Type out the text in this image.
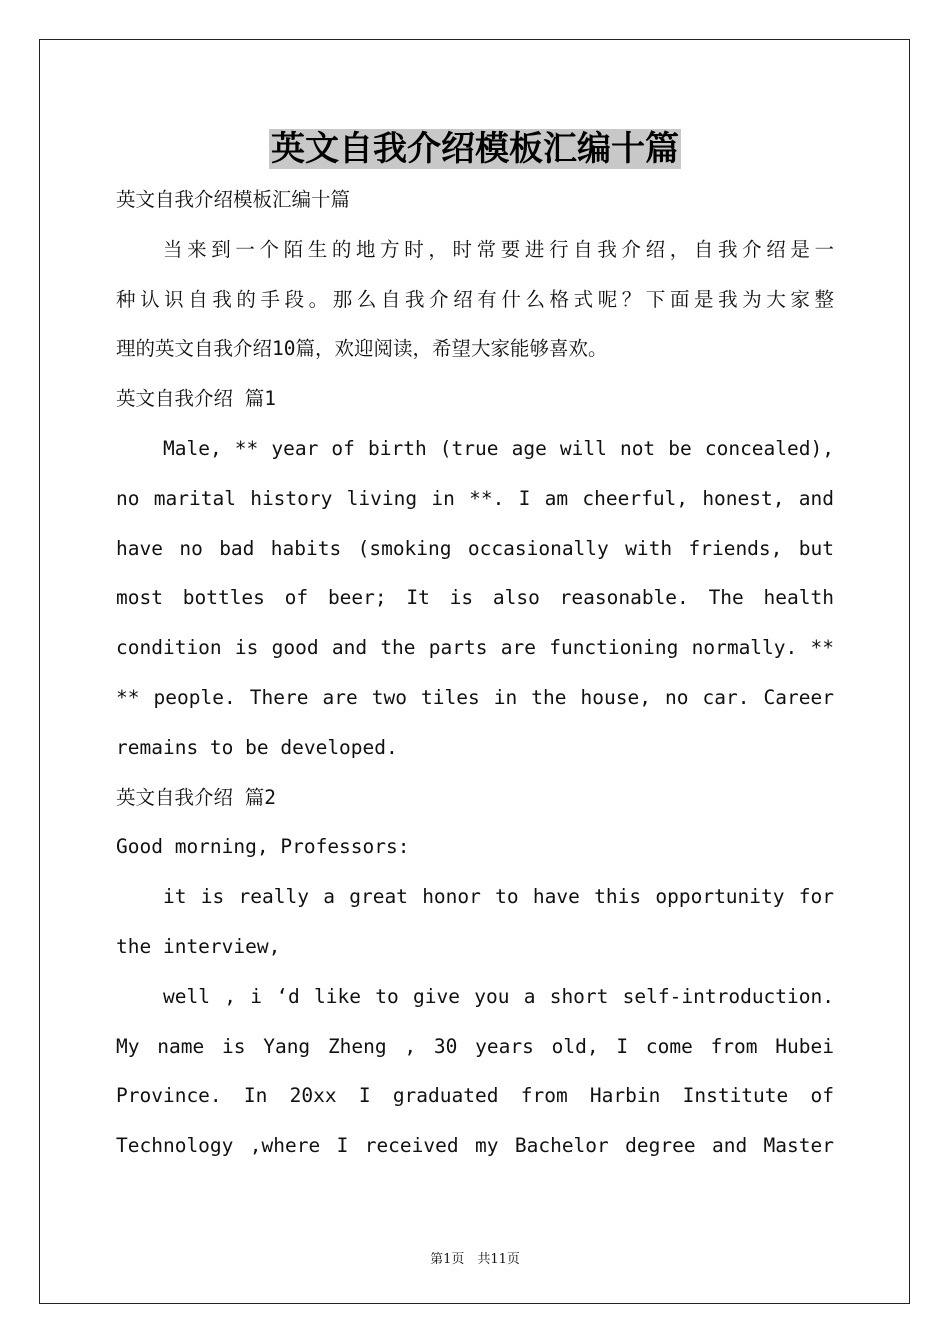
英文自我介绍模板汇编十篇
英文自我介绍模板汇编十篇
当来到一个陌生的地方时，时常要进行自我介绍，自我介绍是一
种认识自我的手段。那么自我介绍有什么格式呢？下面是我为大家整
理的英文自我介绍10篇，欢迎阅读，希望大家能够喜欢。
英文自我介绍 篇1
Male, ** year of birth (true age will not be concealed),
no marital history living in **. I am cheerful, honest, and
have no bad habits (smoking occasionally with friends, but
most bottles of beer; It is also reasonable. The health
condition is good and the parts are functioning normally. **
** people. There are two tiles in the house, no car. Career
remains to be developed.
英文自我介绍 篇2
Good morning, Professors:
it is really a great honor to have this opportunity for
the interview,
well , i ‘d like to give you a short self-introduction.
My name is Yang Zheng , 30 years old, I come from Hubei
Province. In 20xx I graduated from Harbin Institute of
Technology ,where I received my Bachelor degree and Master
第1页　共11页
